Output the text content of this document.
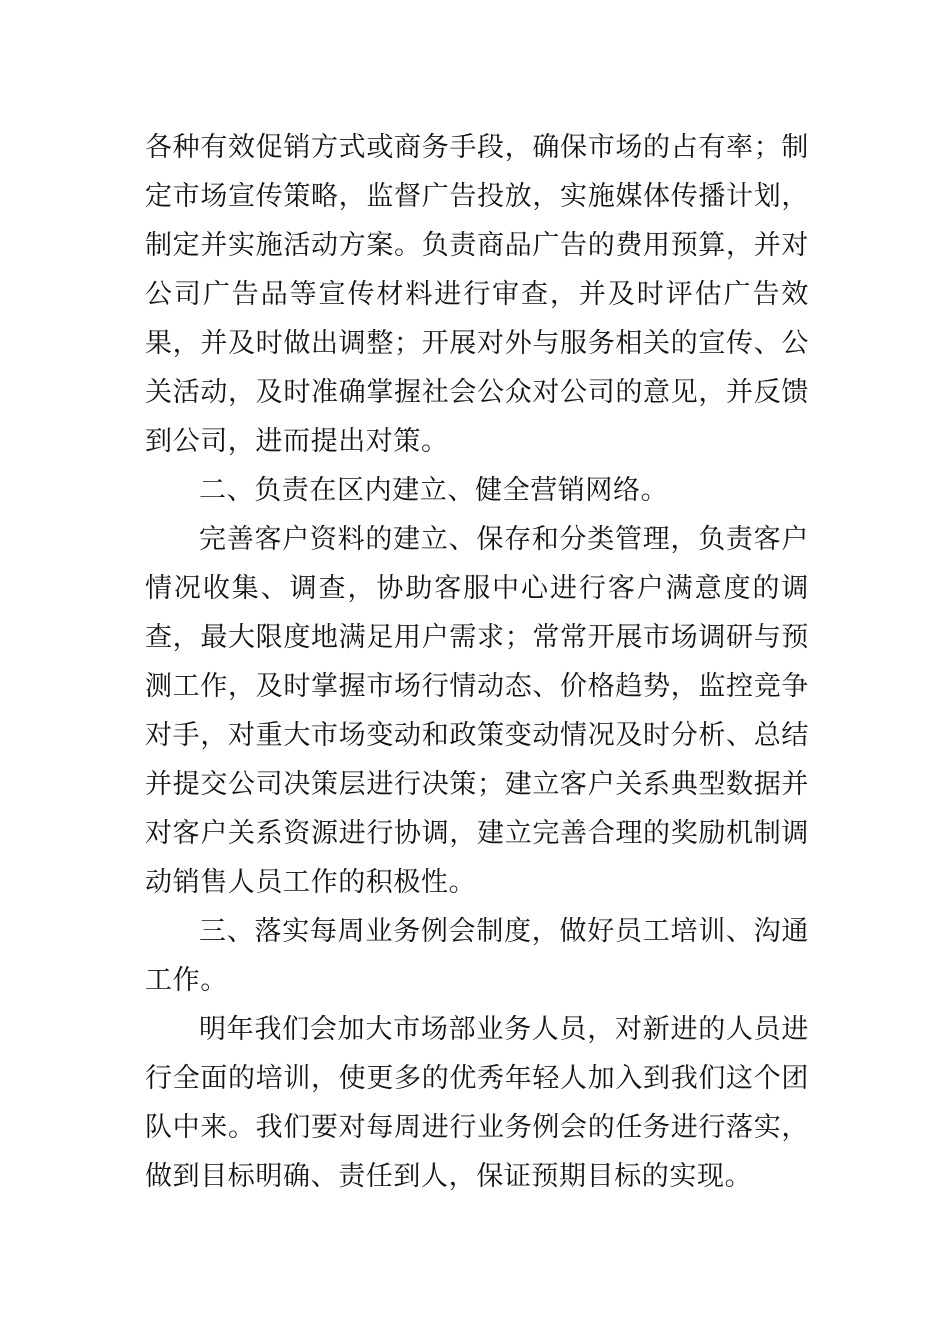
各种有效促销方式或商务手段，确保市场的占有率；制定市场宣传策略，监督广告投放，实施媒体传播计划，制定并实施活动方案。负责商品广告的费用预算，并对公司广告品等宣传材料进行审查，并及时评估广告效果，并及时做出调整；开展对外与服务相关的宣传、公关活动，及时准确掌握社会公众对公司的意见，并反馈到公司，进而提出对策。

二、负责在区内建立、健全营销网络。

完善客户资料的建立、保存和分类管理，负责客户情况收集、调查，协助客服中心进行客户满意度的调查，最大限度地满足用户需求；常常开展市场调研与预测工作，及时掌握市场行情动态、价格趋势，监控竞争对手，对重大市场变动和政策变动情况及时分析、总结并提交公司决策层进行决策；建立客户关系典型数据并对客户关系资源进行协调，建立完善合理的奖励机制调动销售人员工作的积极性。

三、落实每周业务例会制度，做好员工培训、沟通工作。

明年我们会加大市场部业务人员，对新进的人员进行全面的培训，使更多的优秀年轻人加入到我们这个团队中来。我们要对每周进行业务例会的任务进行落实，做到目标明确、责任到人，保证预期目标的实现。
